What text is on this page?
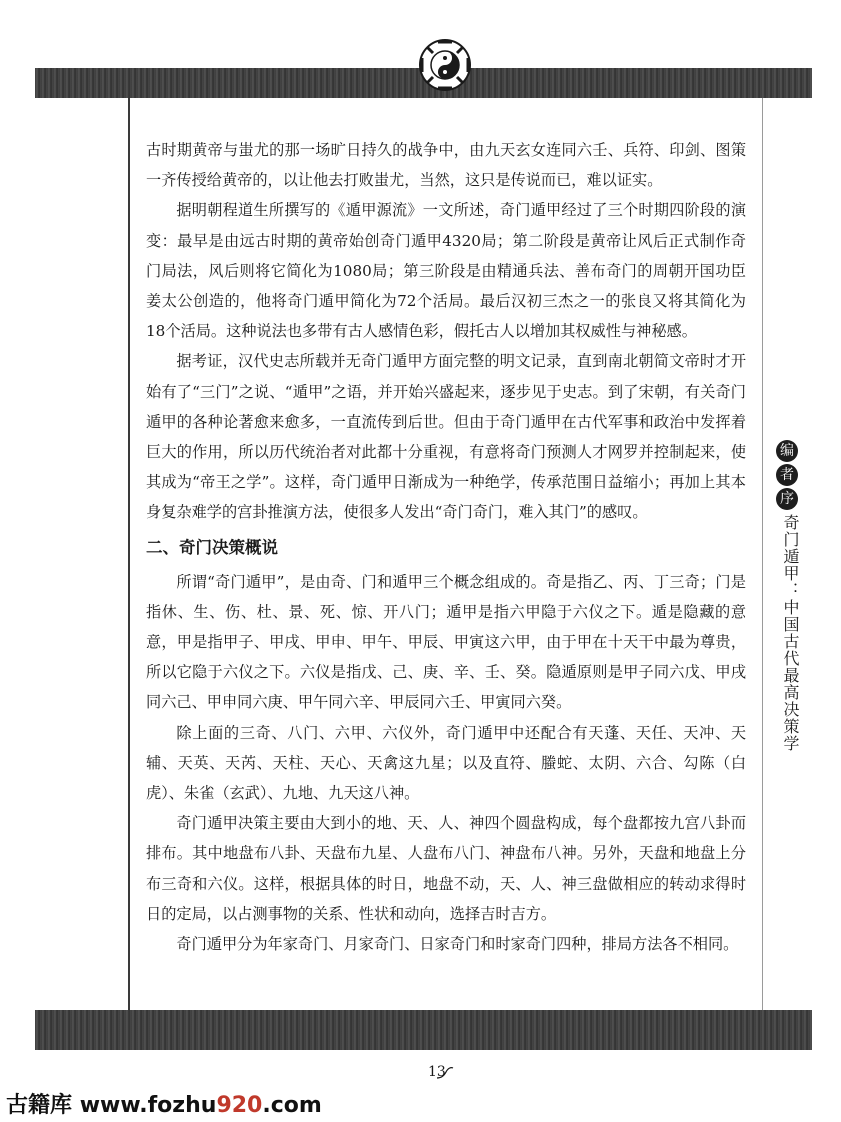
古时期黄帝与蚩尤的那一场旷日持久的战争中，由九天玄女连同六壬、兵符、印剑、图策一齐传授给黄帝的，以让他去打败蚩尤，当然，这只是传说而已，难以证实。

据明朝程道生所撰写的《遁甲源流》一文所述，奇门遁甲经过了三个时期四阶段的演变：最早是由远古时期的黄帝始创奇门遁甲4320局；第二阶段是黄帝让风后正式制作奇门局法，风后则将它简化为1080局；第三阶段是由精通兵法、善布奇门的周朝开国功臣姜太公创造的，他将奇门遁甲简化为72个活局。最后汉初三杰之一的张良又将其简化为18个活局。这种说法也多带有古人感情色彩，假托古人以增加其权威性与神秘感。

据考证，汉代史志所载并无奇门遁甲方面完整的明文记录，直到南北朝简文帝时才开始有了“三门”之说、“遁甲”之语，并开始兴盛起来，逐步见于史志。到了宋朝，有关奇门遁甲的各种论著愈来愈多，一直流传到后世。但由于奇门遁甲在古代军事和政治中发挥着巨大的作用，所以历代统治者对此都十分重视，有意将奇门预测人才网罗并控制起来，使其成为“帝王之学”。这样，奇门遁甲日渐成为一种绝学，传承范围日益缩小；再加上其本身复杂难学的宫卦推演方法，使很多人发出“奇门奇门，难入其门”的感叹。

二、奇门决策概说

所谓“奇门遁甲”，是由奇、门和遁甲三个概念组成的。奇是指乙、丙、丁三奇；门是指休、生、伤、杜、景、死、惊、开八门；遁甲是指六甲隐于六仪之下。遁是隐藏的意意，甲是指甲子、甲戌、甲申、甲午、甲辰、甲寅这六甲，由于甲在十天干中最为尊贵，所以它隐于六仪之下。六仪是指戊、己、庚、辛、壬、癸。隐遁原则是甲子同六戊、甲戌同六己、甲申同六庚、甲午同六辛、甲辰同六壬、甲寅同六癸。

除上面的三奇、八门、六甲、六仪外，奇门遁甲中还配合有天蓬、天任、天冲、天辅、天英、天芮、天柱、天心、天禽这九星；以及直符、螣蛇、太阴、六合、勾陈（白虎）、朱雀（玄武）、九地、九天这八神。

奇门遁甲决策主要由大到小的地、天、人、神四个圆盘构成，每个盘都按九宫八卦而排布。其中地盘布八卦、天盘布九星、人盘布八门、神盘布八神。另外，天盘和地盘上分布三奇和六仪。这样，根据具体的时日，地盘不动，天、人、神三盘做相应的转动求得时日的定局，以占测事物的关系、性状和动向，选择吉时吉方。

奇门遁甲分为年家奇门、月家奇门、日家奇门和时家奇门四种，排局方法各不相同。

编
者
序
奇门遁甲：中国古代最高决策学
13
古籍库 www.fozhu920.com
